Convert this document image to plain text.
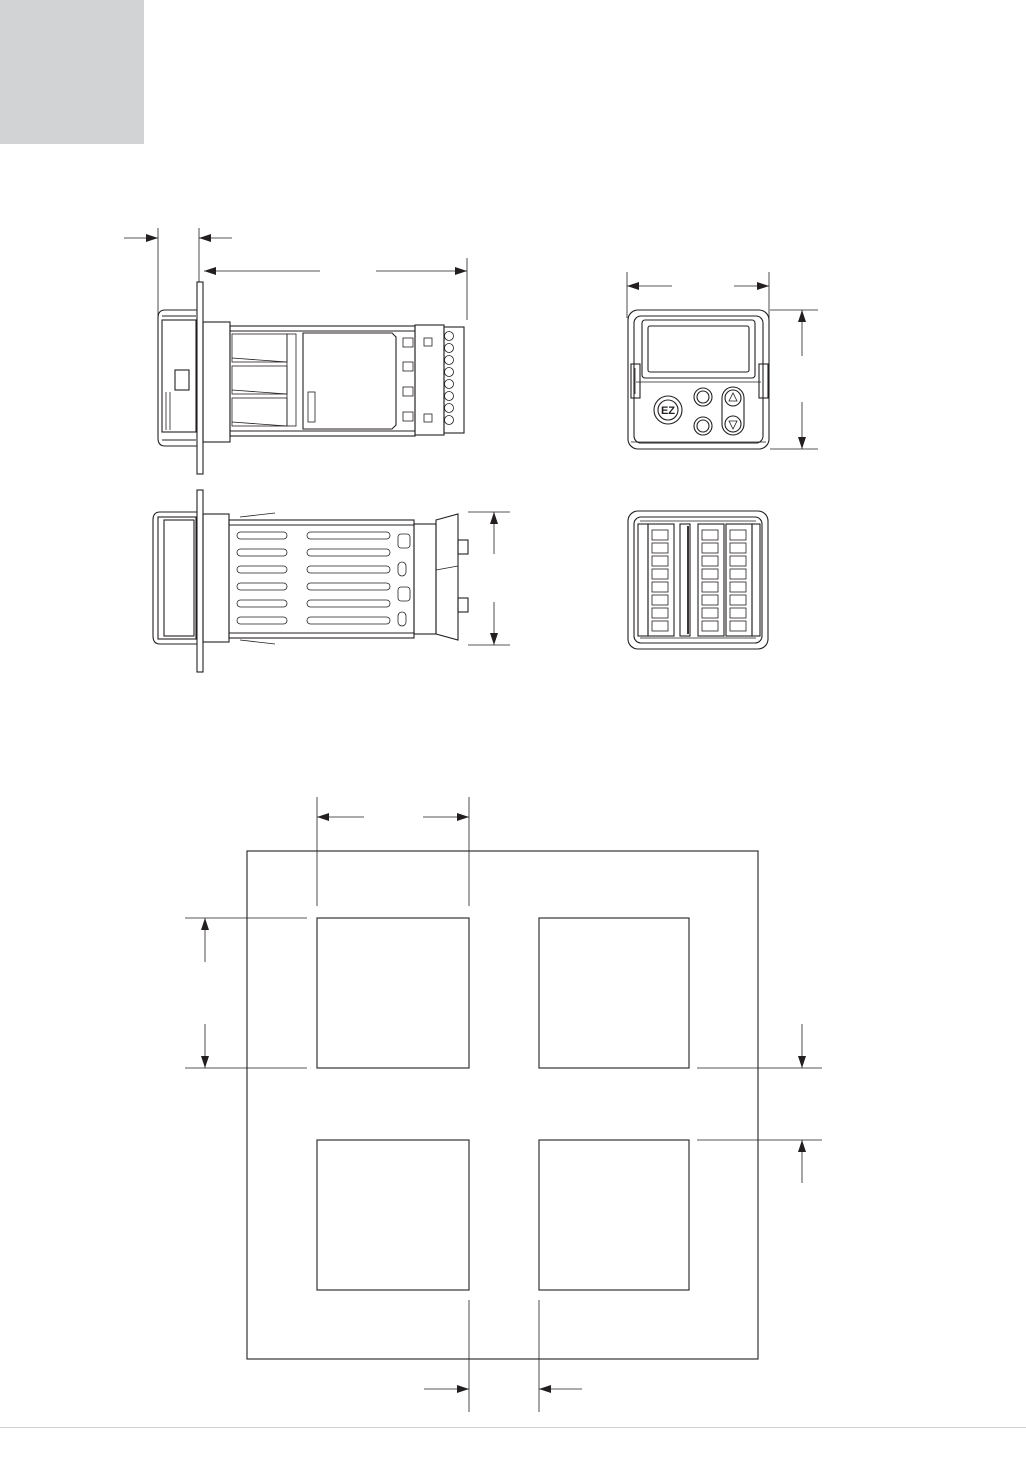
EZ
